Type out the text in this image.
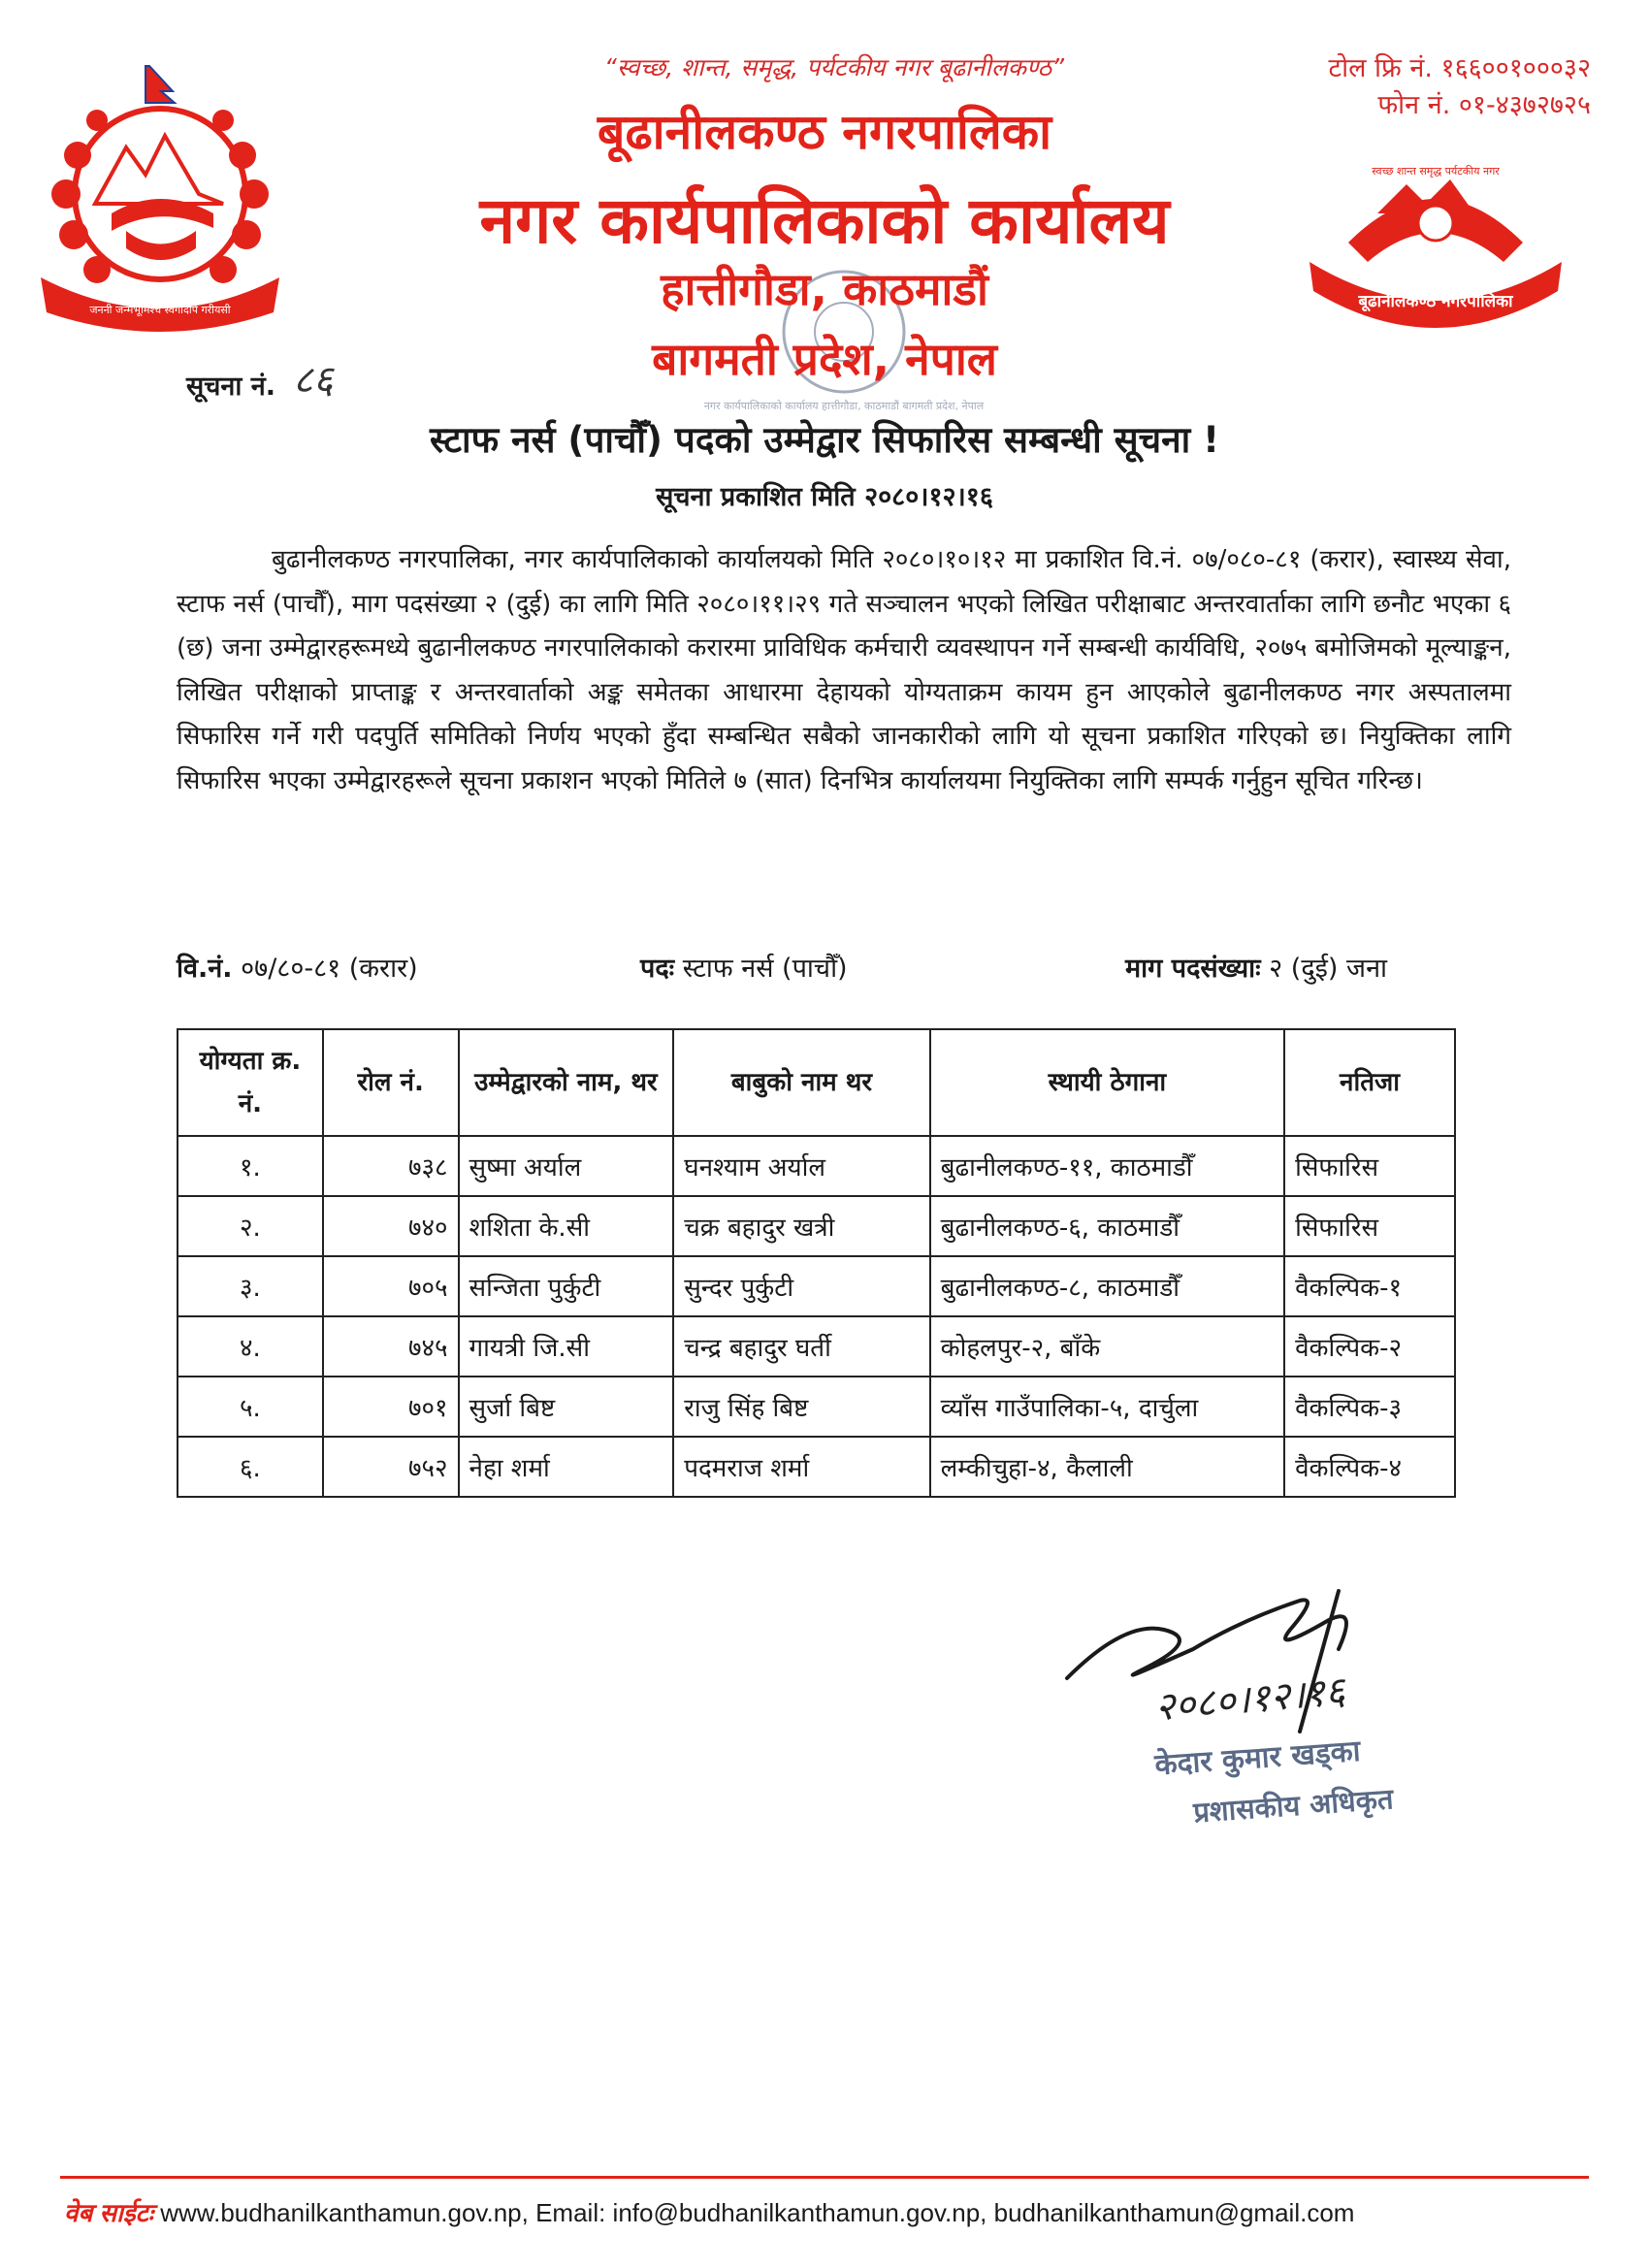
जननी जन्मभूमिश्च स्वर्गादपि गरीयसी
स्वच्छ शान्त समृद्ध पर्यटकीय नगर
बूढानीलकण्ठ नगरपालिका
नगर कार्यपालिकाको कार्यालय हात्तीगौडा, काठमाडौं बागमती प्रदेश, नेपाल
“स्वच्छ, शान्त, समृद्ध, पर्यटकीय नगर बूढानीलकण्ठ”	टोल फ्रि नं. १६६००१०००३२
फोन नं. ०१-४३७२७२५
बूढानीलकण्ठ नगरपालिका
नगर कार्यपालिकाको कार्यालय
हात्तीगौडा, काठमाडौं
बागमती प्रदेश, नेपाल
सूचना नं. ८६
स्टाफ नर्स (पाचौँ) पदको उम्मेद्वार सिफारिस सम्बन्धी सूचना !
सूचना प्रकाशित मिति २०८०।१२।१६
बुढानीलकण्ठ नगरपालिका, नगर कार्यपालिकाको कार्यालयको मिति २०८०।१०।१२ मा प्रकाशित वि.नं. ०७/०८०-८१ (करार), स्वास्थ्य सेवा, स्टाफ नर्स (पाचौँ), माग पदसंख्या २ (दुई) का लागि मिति २०८०।११।२९ गते सञ्चालन भएको लिखित परीक्षाबाट अन्तरवार्ताका लागि छनौट भएका ६ (छ) जना उम्मेद्वारहरूमध्ये बुढानीलकण्ठ नगरपालिकाको करारमा प्राविधिक कर्मचारी व्यवस्थापन गर्ने सम्बन्धी कार्यविधि, २०७५ बमोजिमको मूल्याङ्कन, लिखित परीक्षाको प्राप्ताङ्क र अन्तरवार्ताको अङ्क समेतका आधारमा देहायको योग्यताक्रम कायम हुन आएकोले बुढानीलकण्ठ नगर अस्पतालमा सिफारिस गर्ने गरी पदपुर्ति समितिको निर्णय भएको हुँदा सम्बन्धित सबैको जानकारीको लागि यो सूचना प्रकाशित गरिएको छ। नियुक्तिका लागि सिफारिस भएका उम्मेद्वारहरूले सूचना प्रकाशन भएको मितिले ७ (सात) दिनभित्र कार्यालयमा नियुक्तिका लागि सम्पर्क गर्नुहुन सूचित गरिन्छ।
वि.नं. ०७/८०-८१ (करार)	पदः स्टाफ नर्स (पाचौँ)	माग पदसंख्याः २ (दुई) जना
योग्यता क्र. नं.	रोल नं.	उम्मेद्वारको नाम, थर	बाबुको नाम थर	स्थायी ठेगाना	नतिजा
१.	७३८	सुष्मा अर्याल	घनश्याम अर्याल	बुढानीलकण्ठ-११, काठमाडौँ	सिफारिस
२.	७४०	शशिता के.सी	चक्र बहादुर खत्री	बुढानीलकण्ठ-६, काठमाडौँ	सिफारिस
३.	७०५	सन्जिता पुर्कुटी	सुन्दर पुर्कुटी	बुढानीलकण्ठ-८, काठमाडौँ	वैकल्पिक-१
४.	७४५	गायत्री जि.सी	चन्द्र बहादुर घर्ती	कोहलपुर-२, बाँके	वैकल्पिक-२
५.	७०१	सुर्जा बिष्ट	राजु सिंह बिष्ट	व्याँस गाउँपालिका-५, दार्चुला	वैकल्पिक-३
६.	७५२	नेहा शर्मा	पदमराज शर्मा	लम्कीचुहा-४, कैलाली	वैकल्पिक-४
२०८०।१२।१६
केदार कुमार खड्का
प्रशासकीय अधिकृत
वेब साईटः www.budhanilkanthamun.gov.np, Email: info@budhanilkanthamun.gov.np, budhanilkanthamun@gmail.com
